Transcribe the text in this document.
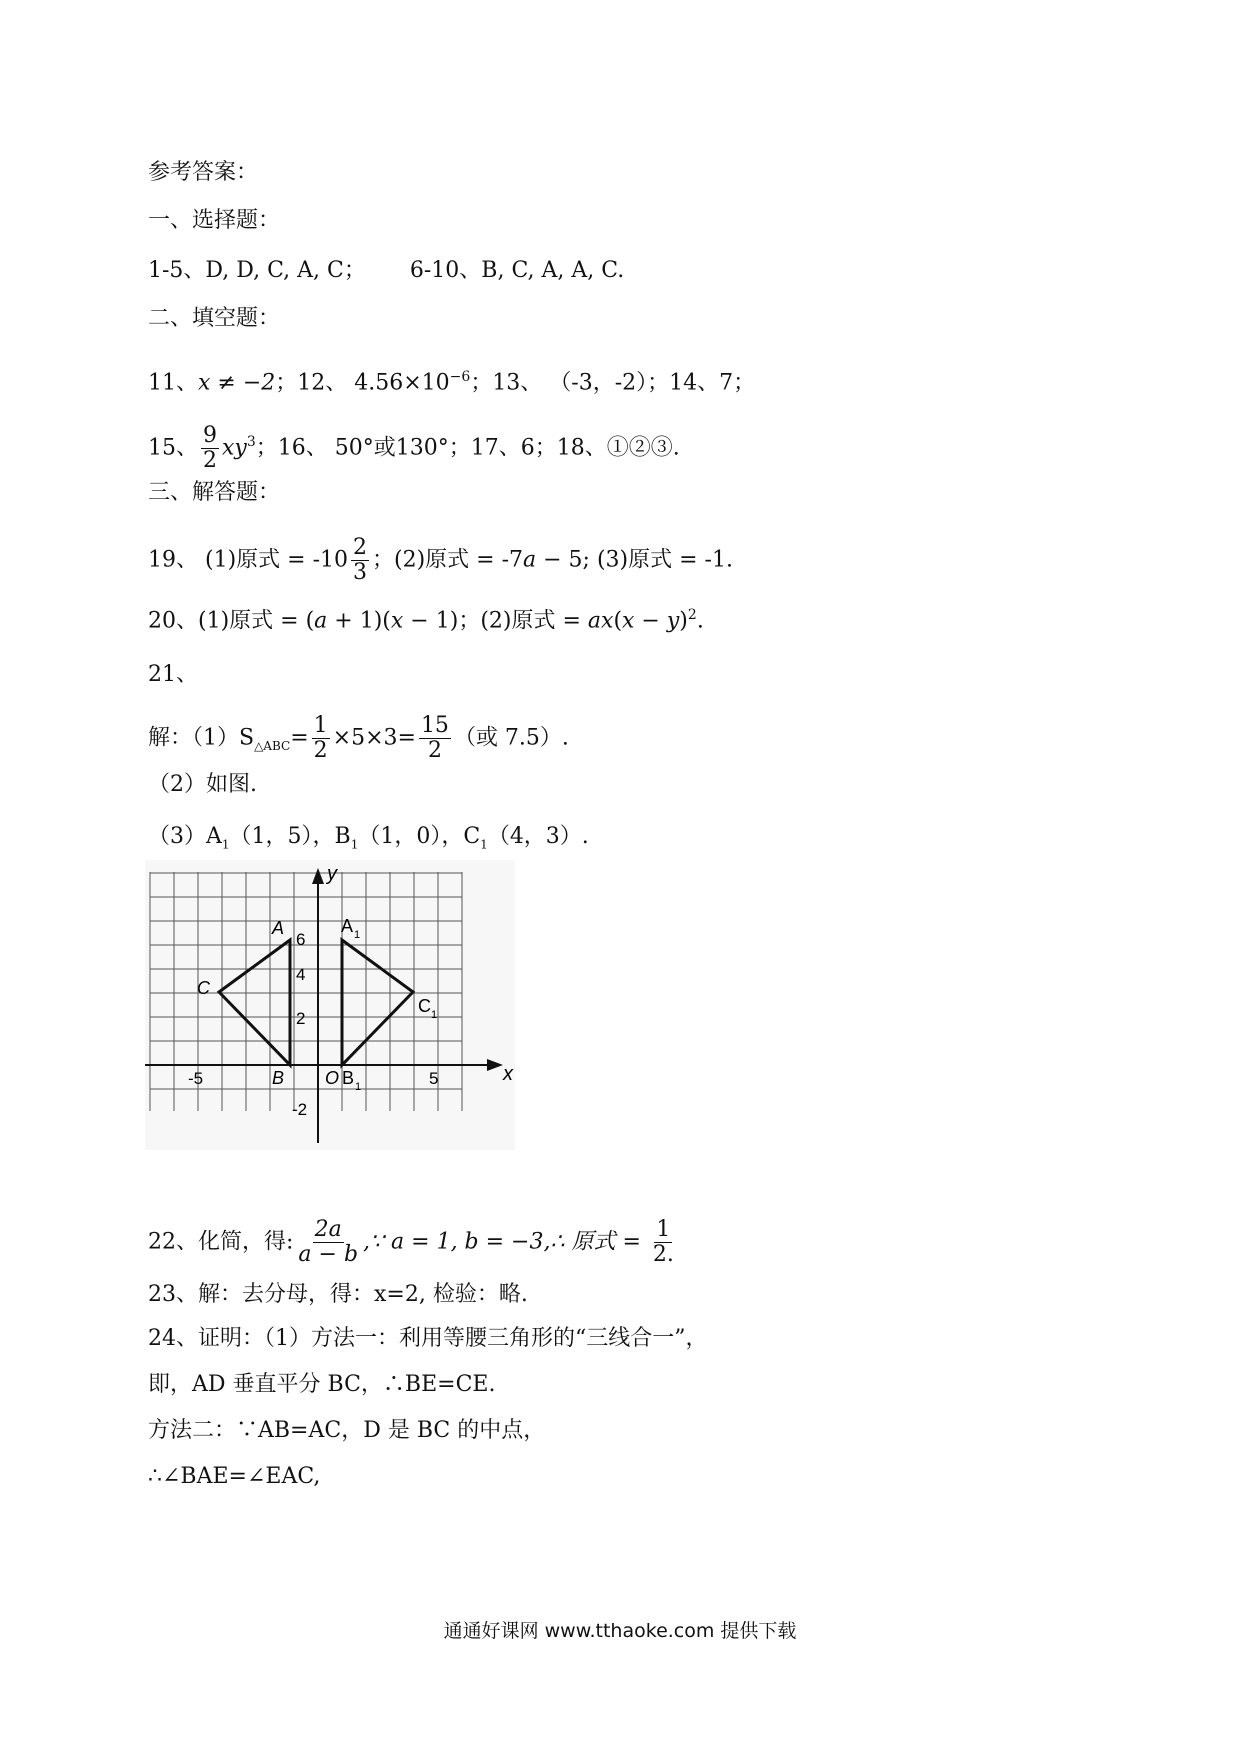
参考答案：
一、选择题：
1-5、D, D, C, A, C； 6-10、B, C, A, A, C.
二、填空题：
11、x ≠ −2；12、 $4.56\times 10^{-6}$；13、 （-3，-2）；14、7；
15、 $\frac{9}{2} xy^3$；16、 50°或130°；17、6；18、①②③.
三、解答题：
19、 (1)原式 = $-10 \frac{2}{3}$ ；(2)原式 = -7a − 5; (3)原式 = -1.
20、(1)原式 = (a + 1)(x − 1)；(2)原式 = $ax(x - y)^2$.
21、
解：$(1)S_{\triangle ABC}= \frac{1}{2} \times 5\times 3= \frac{15}{2}$ （或 7.5）.
（2）如图.
$(3)A_1(1$，5），$B_1(1$，0），$C_1(4$，3）.
x
y
O
-5	5
6
4
2
-2
A
B
C
A 1
B 1
C 1
22、化简，得: $\frac{2a}{a - b}$ ,∵ a = 1, b = −3,∴ 原式 = $\frac{1}{2.}$
23、解：去分母，得：x=2, 检验：略.
24、证明：（1）方法一：利用等腰三角形的“三线合一”，
即，AD 垂直平分 BC，∴BE=CE.
方法二：∵AB=AC，D 是 BC 的中点，
∴∠BAE=∠EAC,
通通好课网 www.tthaoke.com 提供下载
